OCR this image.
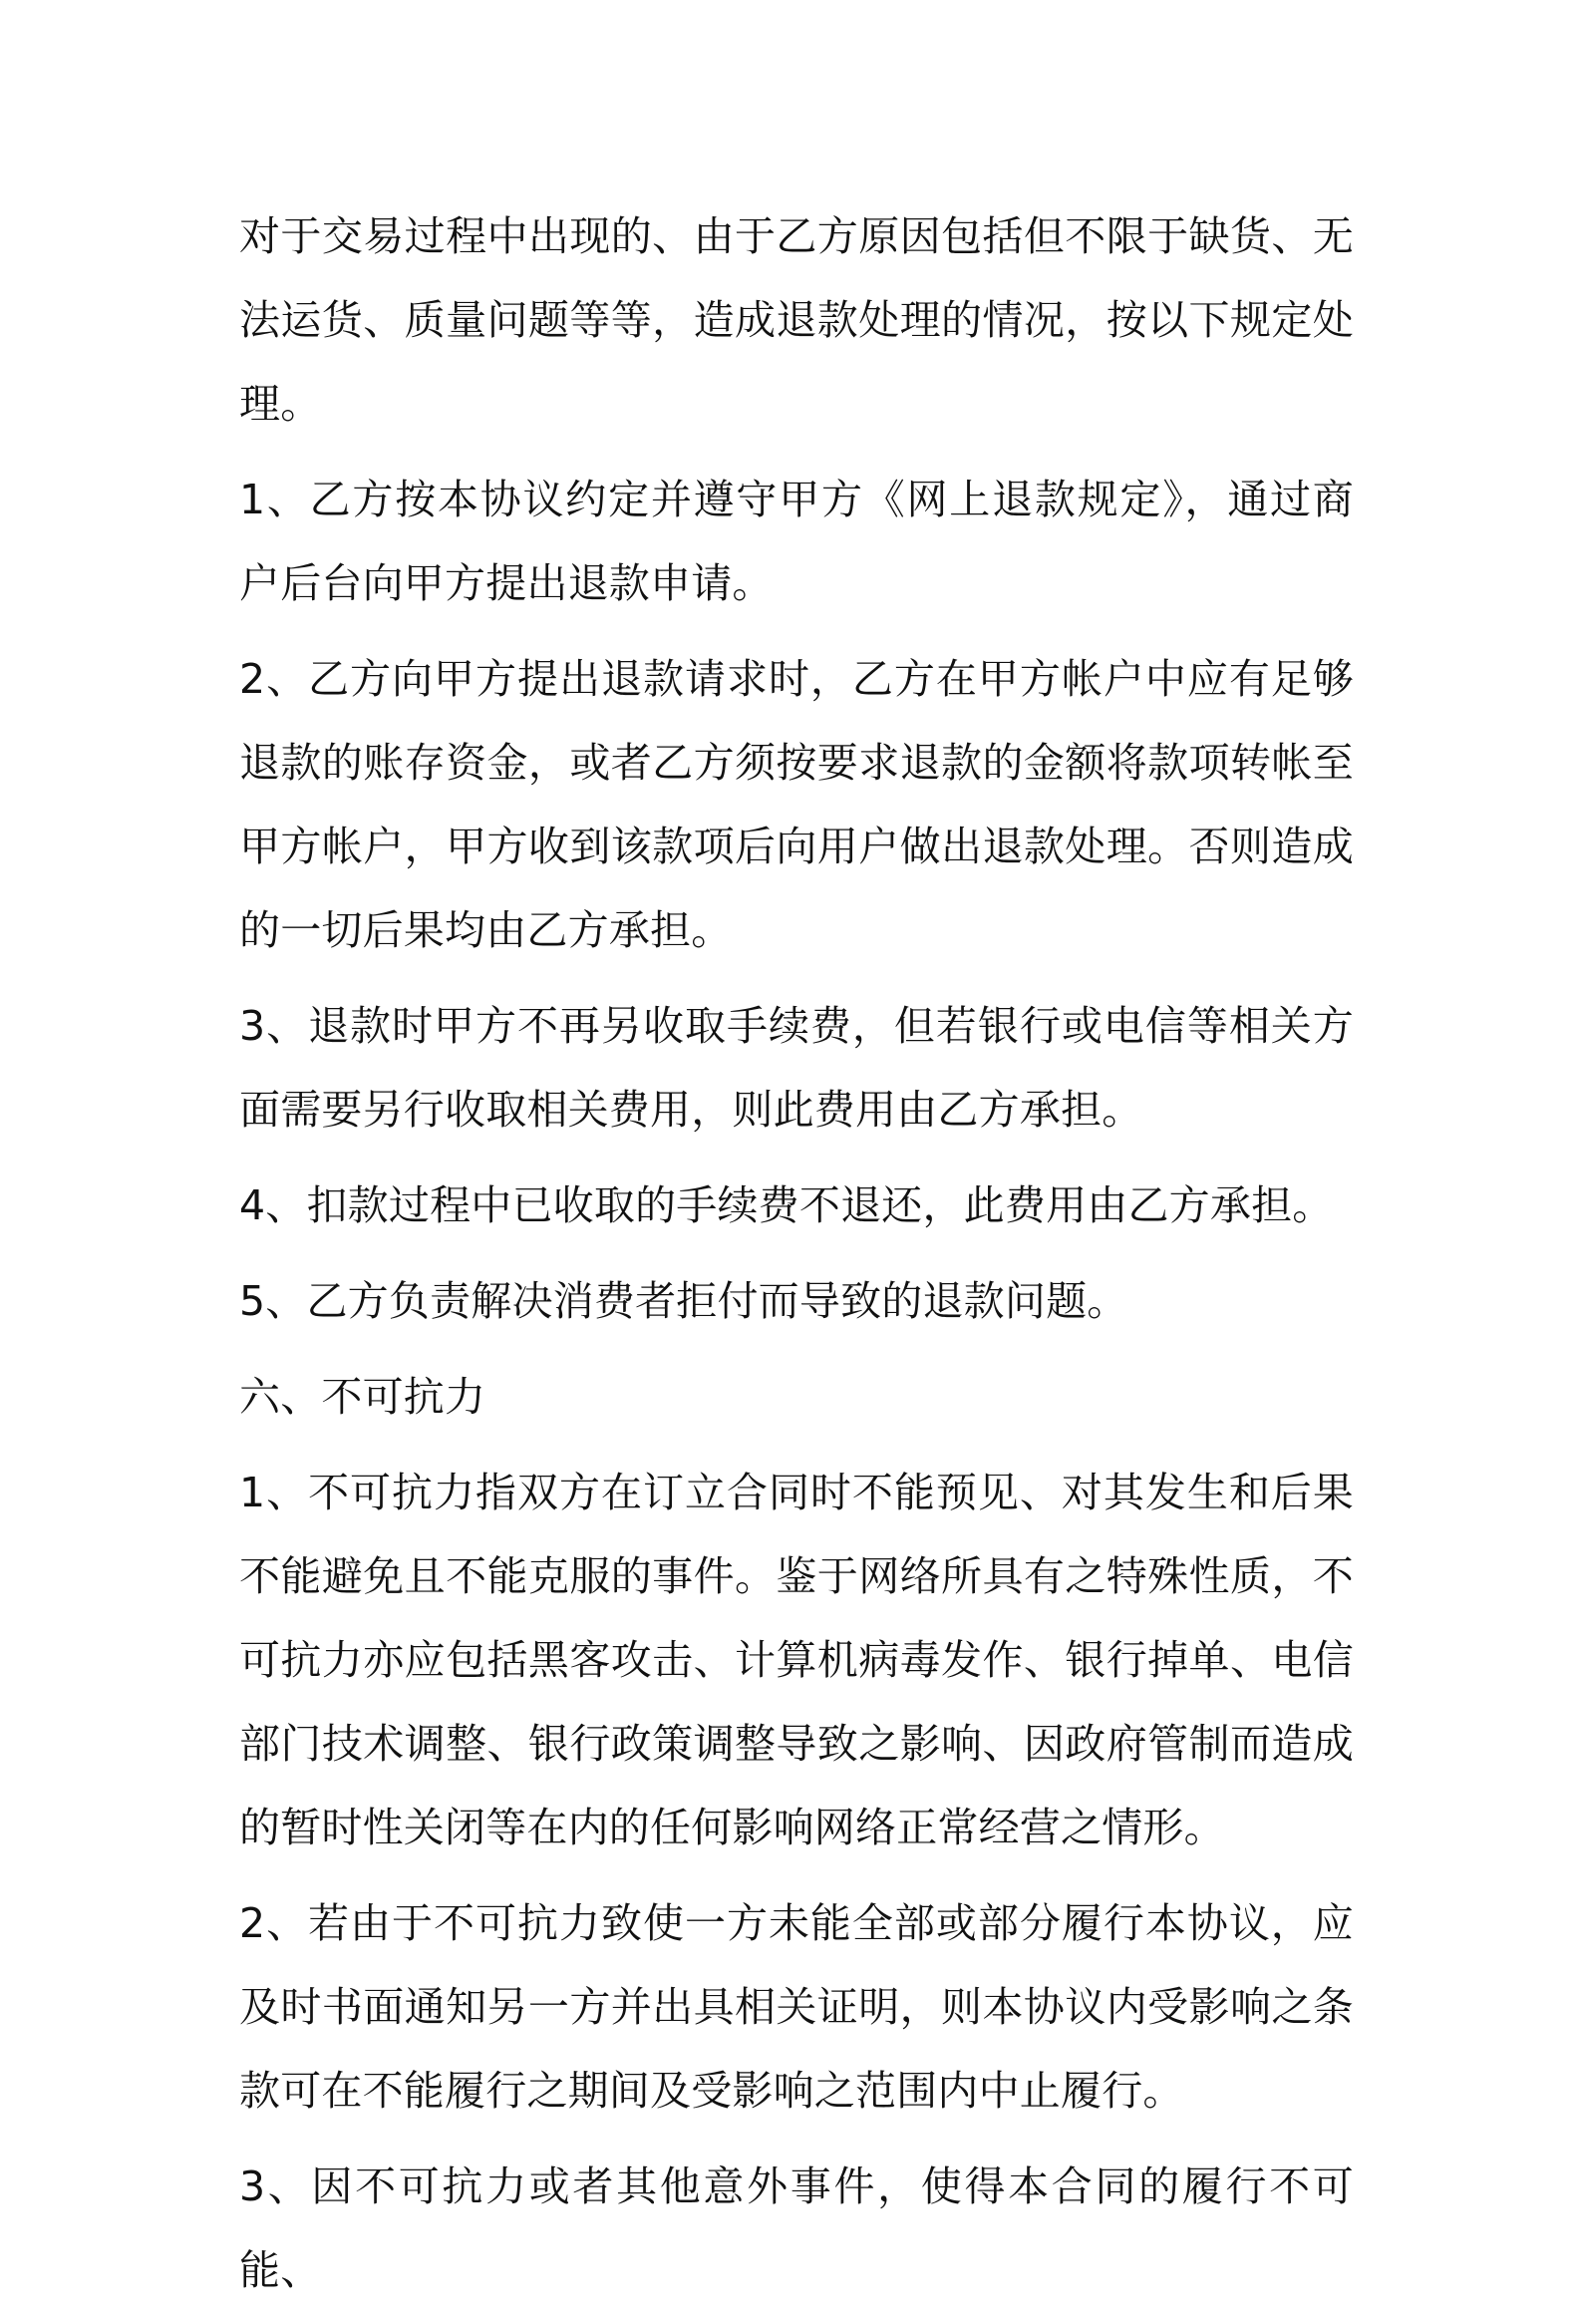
对于交易过程中出现的、由于乙方原因包括但不限于缺货、无法运货、质量问题等等，造成退款处理的情况，按以下规定处理。

1、乙方按本协议约定并遵守甲方《网上退款规定》，通过商户后台向甲方提出退款申请。

2、乙方向甲方提出退款请求时，乙方在甲方帐户中应有足够退款的账存资金，或者乙方须按要求退款的金额将款项转帐至甲方帐户，甲方收到该款项后向用户做出退款处理。否则造成的一切后果均由乙方承担。

3、退款时甲方不再另收取手续费，但若银行或电信等相关方面需要另行收取相关费用，则此费用由乙方承担。

4、扣款过程中已收取的手续费不退还，此费用由乙方承担。

5、乙方负责解决消费者拒付而导致的退款问题。

六、不可抗力

1、不可抗力指双方在订立合同时不能预见、对其发生和后果不能避免且不能克服的事件。鉴于网络所具有之特殊性质，不可抗力亦应包括黑客攻击、计算机病毒发作、银行掉单、电信部门技术调整、银行政策调整导致之影响、因政府管制而造成的暂时性关闭等在内的任何影响网络正常经营之情形。

2、若由于不可抗力致使一方未能全部或部分履行本协议，应及时书面通知另一方并出具相关证明，则本协议内受影响之条款可在不能履行之期间及受影响之范围内中止履行。

3、因不可抗力或者其他意外事件，使得本合同的履行不可能、
